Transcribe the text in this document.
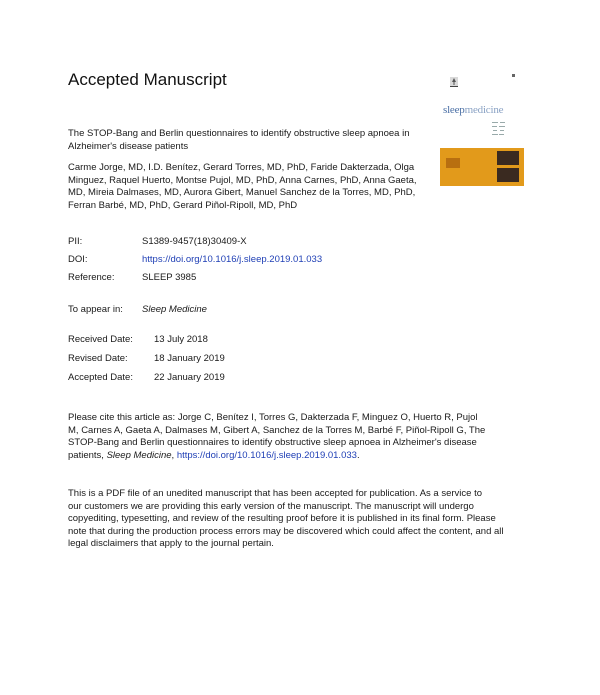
Accepted Manuscript
The STOP-Bang and Berlin questionnaires to identify obstructive sleep apnoea in
Alzheimer's disease patients
Carme Jorge, MD, I.D. Benítez, Gerard Torres, MD, PhD, Faride Dakterzada, Olga
Minguez, Raquel Huerto, Montse Pujol, MD, PhD, Anna Carnes, PhD, Anna Gaeta,
MD, Mireia Dalmases, MD, Aurora Gibert, Manuel Sanchez de la Torres, MD, PhD,
Ferran Barbé, MD, PhD, Gerard Piñol-Ripoll, MD, PhD
PII:	S1389-9457(18)30409-X
DOI:	https://doi.org/10.1016/j.sleep.2019.01.033
Reference:	SLEEP 3985
To appear in: Sleep Medicine
Received Date: 13 July 2018
Revised Date:	18 January 2019
Accepted Date: 22 January 2019
Please cite this article as: Jorge C, Benítez I, Torres G, Dakterzada F, Minguez O, Huerto R, Pujol
M, Carnes A, Gaeta A, Dalmases M, Gibert A, Sanchez de la Torres M, Barbé F, Piñol-Ripoll G, The
STOP-Bang and Berlin questionnaires to identify obstructive sleep apnoea in Alzheimer's disease
patients, Sleep Medicine, https://doi.org/10.1016/j.sleep.2019.01.033.
This is a PDF file of an unedited manuscript that has been accepted for publication. As a service to
our customers we are providing this early version of the manuscript. The manuscript will undergo
copyediting, typesetting, and review of the resulting proof before it is published in its final form. Please
note that during the production process errors may be discovered which could affect the content, and all
legal disclaimers that apply to the journal pertain.
sleepmedicine
